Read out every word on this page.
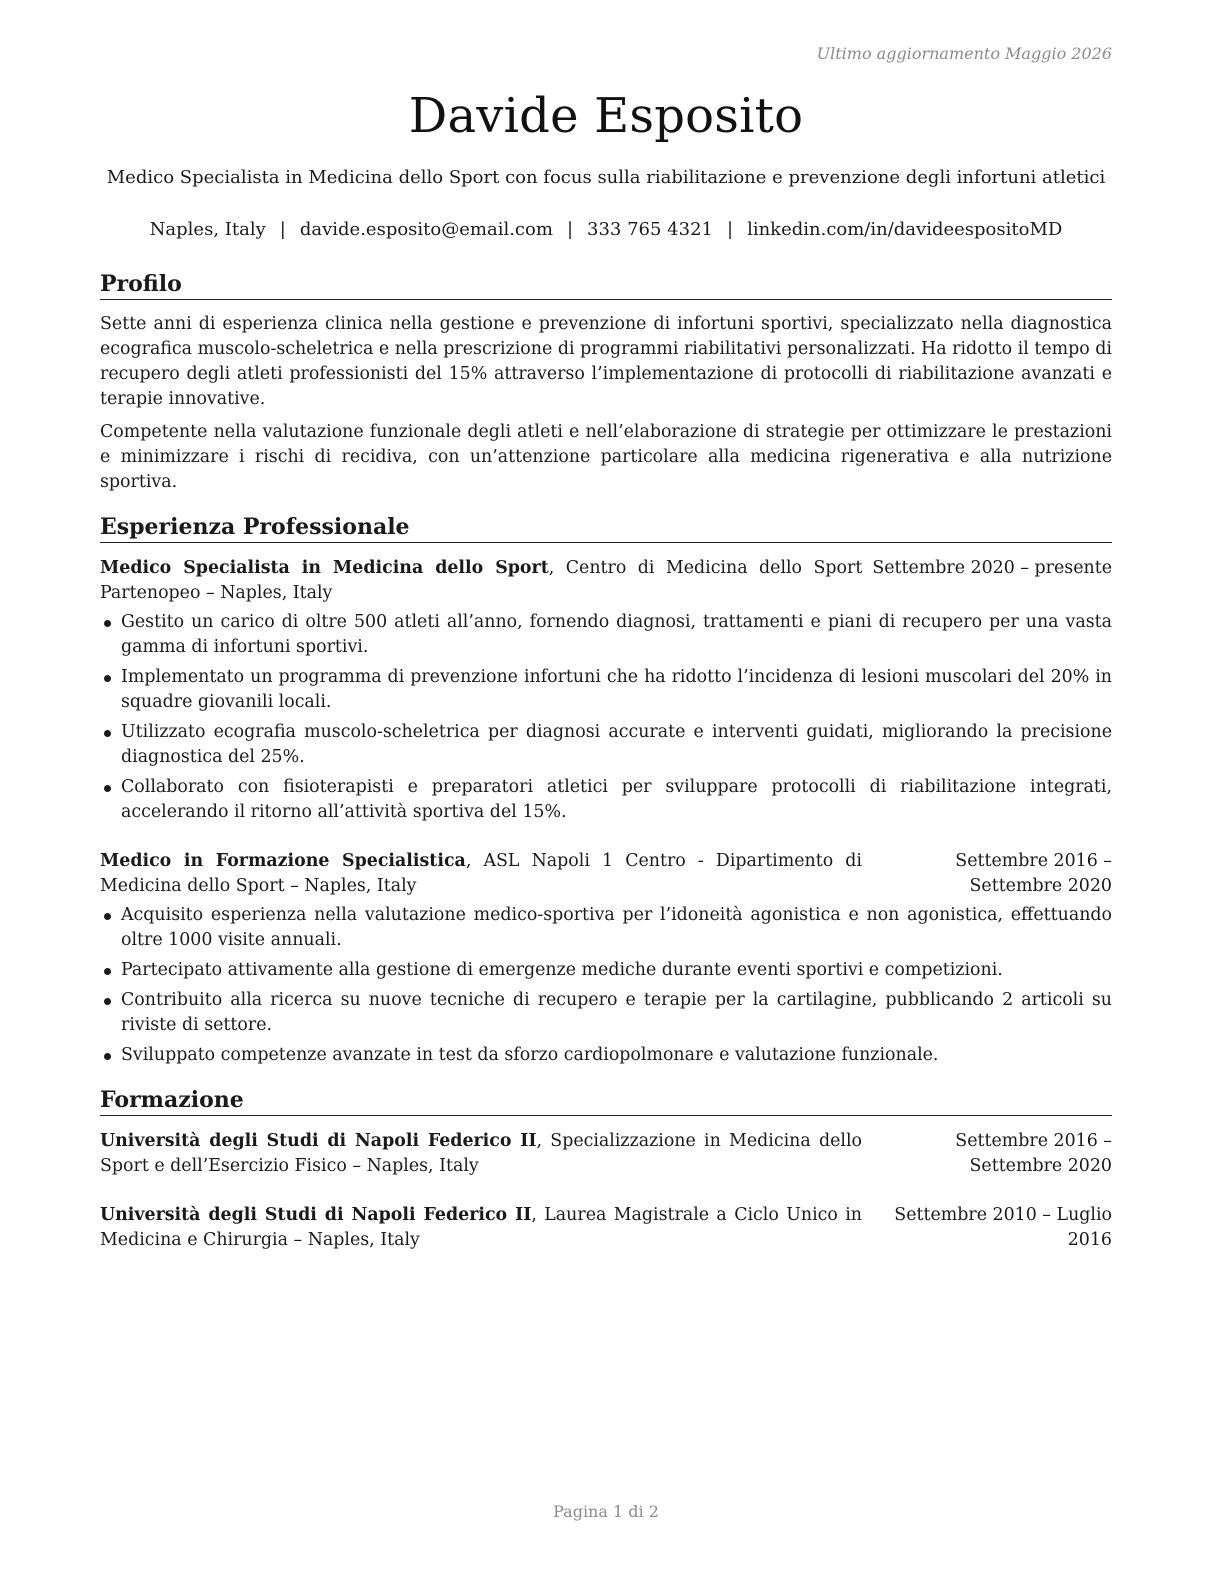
Ultimo aggiornamento Maggio 2026
Davide Esposito
Medico Specialista in Medicina dello Sport con focus sulla riabilitazione e prevenzione degli infortuni atletici
Naples, Italy | davide.esposito@email.com | 333 765 4321 | linkedin.com/in/davideespositoMD
Profilo

Sette anni di esperienza clinica nella gestione e prevenzione di infortuni sportivi, specializzato nella diagnostica ecografica muscolo-scheletrica e nella prescrizione di programmi riabilitativi personalizzati. Ha ridotto il tempo di recupero degli atleti professionisti del 15% attraverso l’implementazione di protocolli di riabilitazione avanzati e terapie innovative.

Competente nella valutazione funzionale degli atleti e nell’elaborazione di strategie per ottimizzare le prestazioni e minimizzare i rischi di recidiva, con un’attenzione particolare alla medicina rigenerativa e alla nutrizione sportiva.

Esperienza Professionale
Medico Specialista in Medicina dello Sport, Centro di Medicina dello Sport Partenopeo – Naples, Italy
Settembre 2020 – presente
Gestito un carico di oltre 500 atleti all’anno, fornendo diagnosi, trattamenti e piani di recupero per una vasta gamma di infortuni sportivi.
Implementato un programma di prevenzione infortuni che ha ridotto l’incidenza di lesioni muscolari del 20% in squadre giovanili locali.
Utilizzato ecografia muscolo-scheletrica per diagnosi accurate e interventi guidati, migliorando la precisione diagnostica del 25%.
Collaborato con fisioterapisti e preparatori atletici per sviluppare protocolli di riabilitazione integrati, accelerando il ritorno all’attività sportiva del 15%.
Medico in Formazione Specialistica, ASL Napoli 1 Centro - Dipartimento di Medicina dello Sport – Naples, Italy
Settembre 2016 – Settembre 2020
Acquisito esperienza nella valutazione medico-sportiva per l’idoneità agonistica e non agonistica, effettuando oltre 1000 visite annuali.
Partecipato attivamente alla gestione di emergenze mediche durante eventi sportivi e competizioni.
Contribuito alla ricerca su nuove tecniche di recupero e terapie per la cartilagine, pubblicando 2 articoli su riviste di settore.
Sviluppato competenze avanzate in test da sforzo cardiopolmonare e valutazione funzionale.
Formazione
Università degli Studi di Napoli Federico II, Specializzazione in Medicina dello Sport e dell’Esercizio Fisico – Naples, Italy
Settembre 2016 – Settembre 2020
Università degli Studi di Napoli Federico II, Laurea Magistrale a Ciclo Unico in Medicina e Chirurgia – Naples, Italy
Settembre 2010 – Luglio 2016
Pagina 1 di 2
